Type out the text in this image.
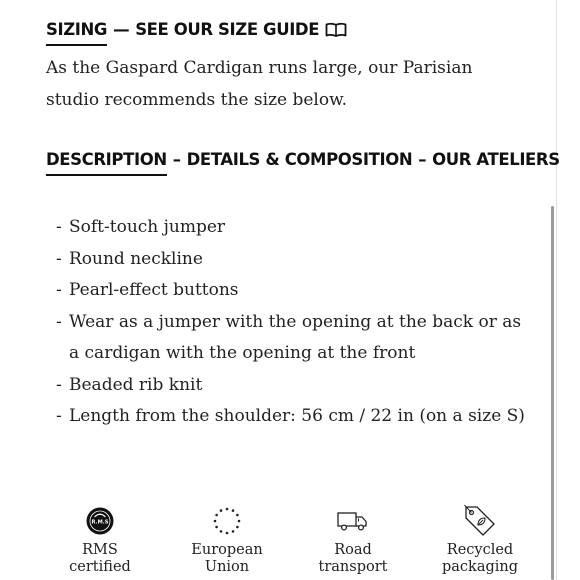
SIZING — SEE OUR SIZE GUIDE
As the Gaspard Cardigan runs large, our Parisian
studio recommends the size below.
DESCRIPTION – DETAILS & COMPOSITION – OUR ATELIERS
- Soft-touch jumper
- Round neckline
- Pearl-effect buttons
- Wear as a jumper with the opening at the back or as a cardigan with the opening at the front
- Beaded rib knit
- Length from the shoulder: 56 cm / 22 in (on a size S)
R.M.S
RMS
certified
European
Union
Road
transport
Recycled
packaging
